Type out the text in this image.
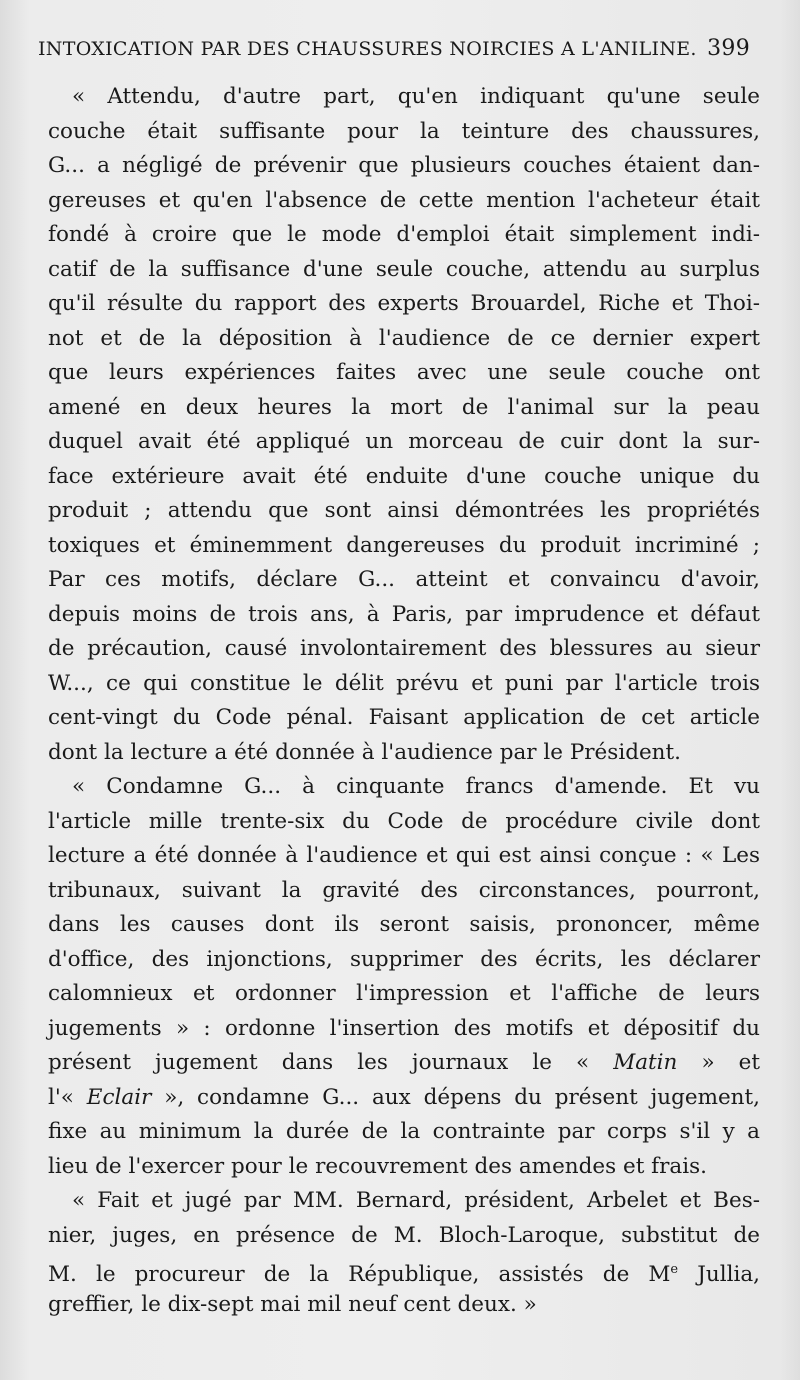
INTOXICATION PAR DES CHAUSSURES NOIRCIES A L'ANILINE. 399
« Attendu, d'autre part, qu'en indiquant qu'une seule
couche était suffisante pour la teinture des chaussures,
G... a négligé de prévenir que plusieurs couches étaient dan-
gereuses et qu'en l'absence de cette mention l'acheteur était
fondé à croire que le mode d'emploi était simplement indi-
catif de la suffisance d'une seule couche, attendu au surplus
qu'il résulte du rapport des experts Brouardel, Riche et Thoi-
not et de la déposition à l'audience de ce dernier expert
que leurs expériences faites avec une seule couche ont
amené en deux heures la mort de l'animal sur la peau
duquel avait été appliqué un morceau de cuir dont la sur-
face extérieure avait été enduite d'une couche unique du
produit ; attendu que sont ainsi démontrées les propriétés
toxiques et éminemment dangereuses du produit incriminé ;
Par ces motifs, déclare G... atteint et convaincu d'avoir,
depuis moins de trois ans, à Paris, par imprudence et défaut
de précaution, causé involontairement des blessures au sieur
W..., ce qui constitue le délit prévu et puni par l'article trois
cent-vingt du Code pénal. Faisant application de cet article
dont la lecture a été donnée à l'audience par le Président.
« Condamne G... à cinquante francs d'amende. Et vu
l'article mille trente-six du Code de procédure civile dont
lecture a été donnée à l'audience et qui est ainsi conçue : « Les
tribunaux, suivant la gravité des circonstances, pourront,
dans les causes dont ils seront saisis, prononcer, même
d'office, des injonctions, supprimer des écrits, les déclarer
calomnieux et ordonner l'impression et l'affiche de leurs
jugements » : ordonne l'insertion des motifs et dépositif du
présent jugement dans les journaux le « Matin » et
l'« Eclair », condamne G... aux dépens du présent jugement,
fixe au minimum la durée de la contrainte par corps s'il y a
lieu de l'exercer pour le recouvrement des amendes et frais.
« Fait et jugé par MM. Bernard, président, Arbelet et Bes-
nier, juges, en présence de M. Bloch-Laroque, substitut de
M. le procureur de la République, assistés de Me Jullia,
greffier, le dix-sept mai mil neuf cent deux. »
